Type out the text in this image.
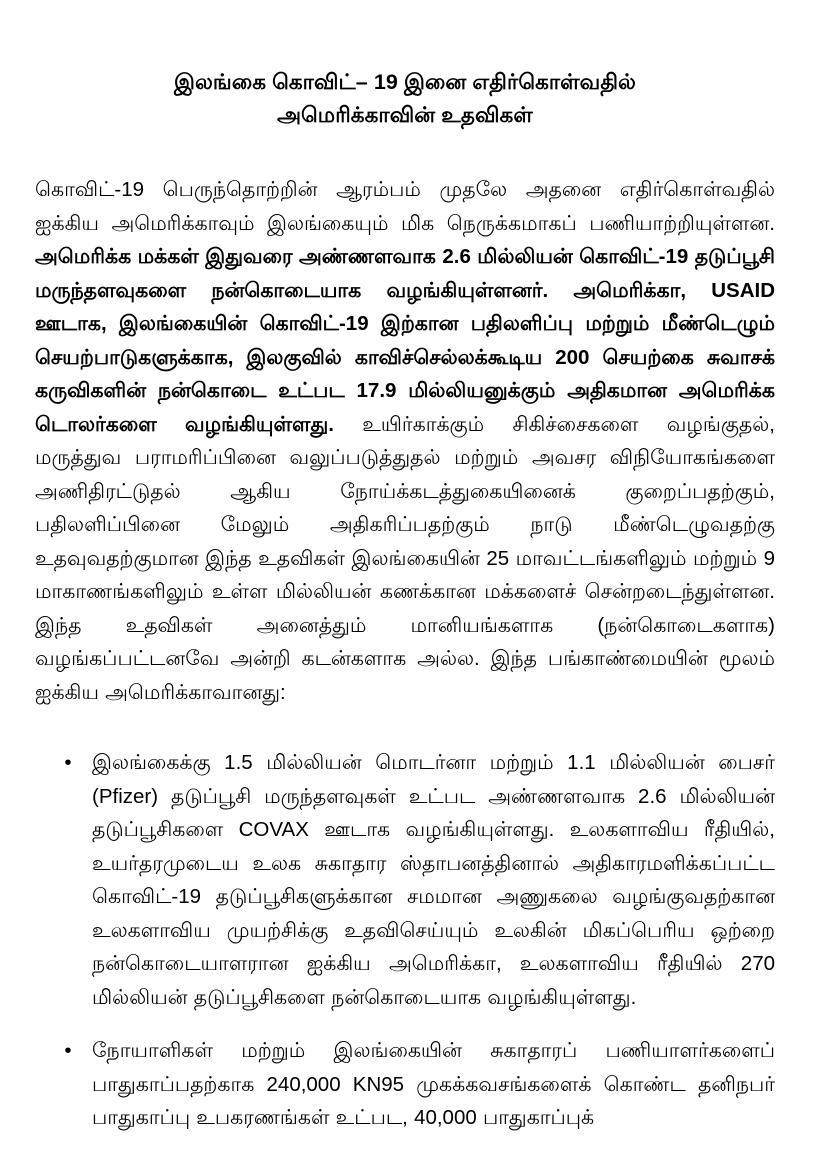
இலங்கை கொவிட்– 19 இனை எதிர்கொள்வதில்
அமெரிக்காவின் உதவிகள்

கொவிட்-19 பெருந்தொற்றின் ஆரம்பம் முதலே அதனை எதிர்கொள்வதில் ஐக்கிய அமெரிக்காவும் இலங்கையும் மிக நெருக்கமாகப் பணியாற்றியுள்ளன. அமெரிக்க மக்கள் இதுவரை அண்ணளவாக 2.6 மில்லியன் கொவிட்-19 தடுப்பூசி மருந்தளவுகளை நன்கொடையாக வழங்கியுள்ளனர். அமெரிக்கா, USAID ஊடாக, இலங்கையின் கொவிட்-19 இற்கான பதிலளிப்பு மற்றும் மீண்டெழும் செயற்பாடுகளுக்காக, இலகுவில் காவிச்செல்லக்கூடிய 200 செயற்கை சுவாசக் கருவிகளின் நன்கொடை உட்பட 17.9 மில்லியனுக்கும் அதிகமான அமெரிக்க டொலர்களை வழங்கியுள்ளது. உயிர்காக்கும் சிகிச்சைகளை வழங்குதல், மருத்துவ பராமரிப்பினை வலுப்படுத்துதல் மற்றும் அவசர விநியோகங்களை அணிதிரட்டுதல் ஆகிய நோய்க்கடத்துகையினைக் குறைப்பதற்கும், பதிலளிப்பினை மேலும் அதிகரிப்பதற்கும் நாடு மீண்டெழுவதற்கு உதவுவதற்குமான இந்த உதவிகள் இலங்கையின் 25 மாவட்டங்களிலும் மற்றும் 9 மாகாணங்களிலும் உள்ள மில்லியன் கணக்கான மக்களைச் சென்றடைந்துள்ளன. இந்த உதவிகள் அனைத்தும் மானியங்களாக (நன்கொடைகளாக) வழங்கப்பட்டனவே அன்றி கடன்களாக அல்ல. இந்த பங்காண்மையின் மூலம் ஐக்கிய அமெரிக்காவானது:

• இலங்கைக்கு 1.5 மில்லியன் மொடர்னா மற்றும் 1.1 மில்லியன் பைசர் (Pfizer) தடுப்பூசி மருந்தளவுகள் உட்பட அண்ணளவாக 2.6 மில்லியன் தடுப்பூசிகளை COVAX ஊடாக வழங்கியுள்ளது. உலகளாவிய ரீதியில், உயர்தரமுடைய உலக சுகாதார ஸ்தாபனத்தினால் அதிகாரமளிக்கப்பட்ட கொவிட்-19 தடுப்பூசிகளுக்கான சமமான அணுகலை வழங்குவதற்கான உலகளாவிய முயற்சிக்கு உதவிசெய்யும் உலகின் மிகப்பெரிய ஒற்றை நன்கொடையாளரான ஐக்கிய அமெரிக்கா, உலகளாவிய ரீதியில் 270 மில்லியன் தடுப்பூசிகளை நன்கொடையாக வழங்கியுள்ளது.
• நோயாளிகள் மற்றும் இலங்கையின் சுகாதாரப் பணியாளர்களைப் பாதுகாப்பதற்காக 240,000 KN95 முகக்கவசங்களைக் கொண்ட தனிநபர் பாதுகாப்பு உபகரணங்கள் உட்பட, 40,000 பாதுகாப்புக்
